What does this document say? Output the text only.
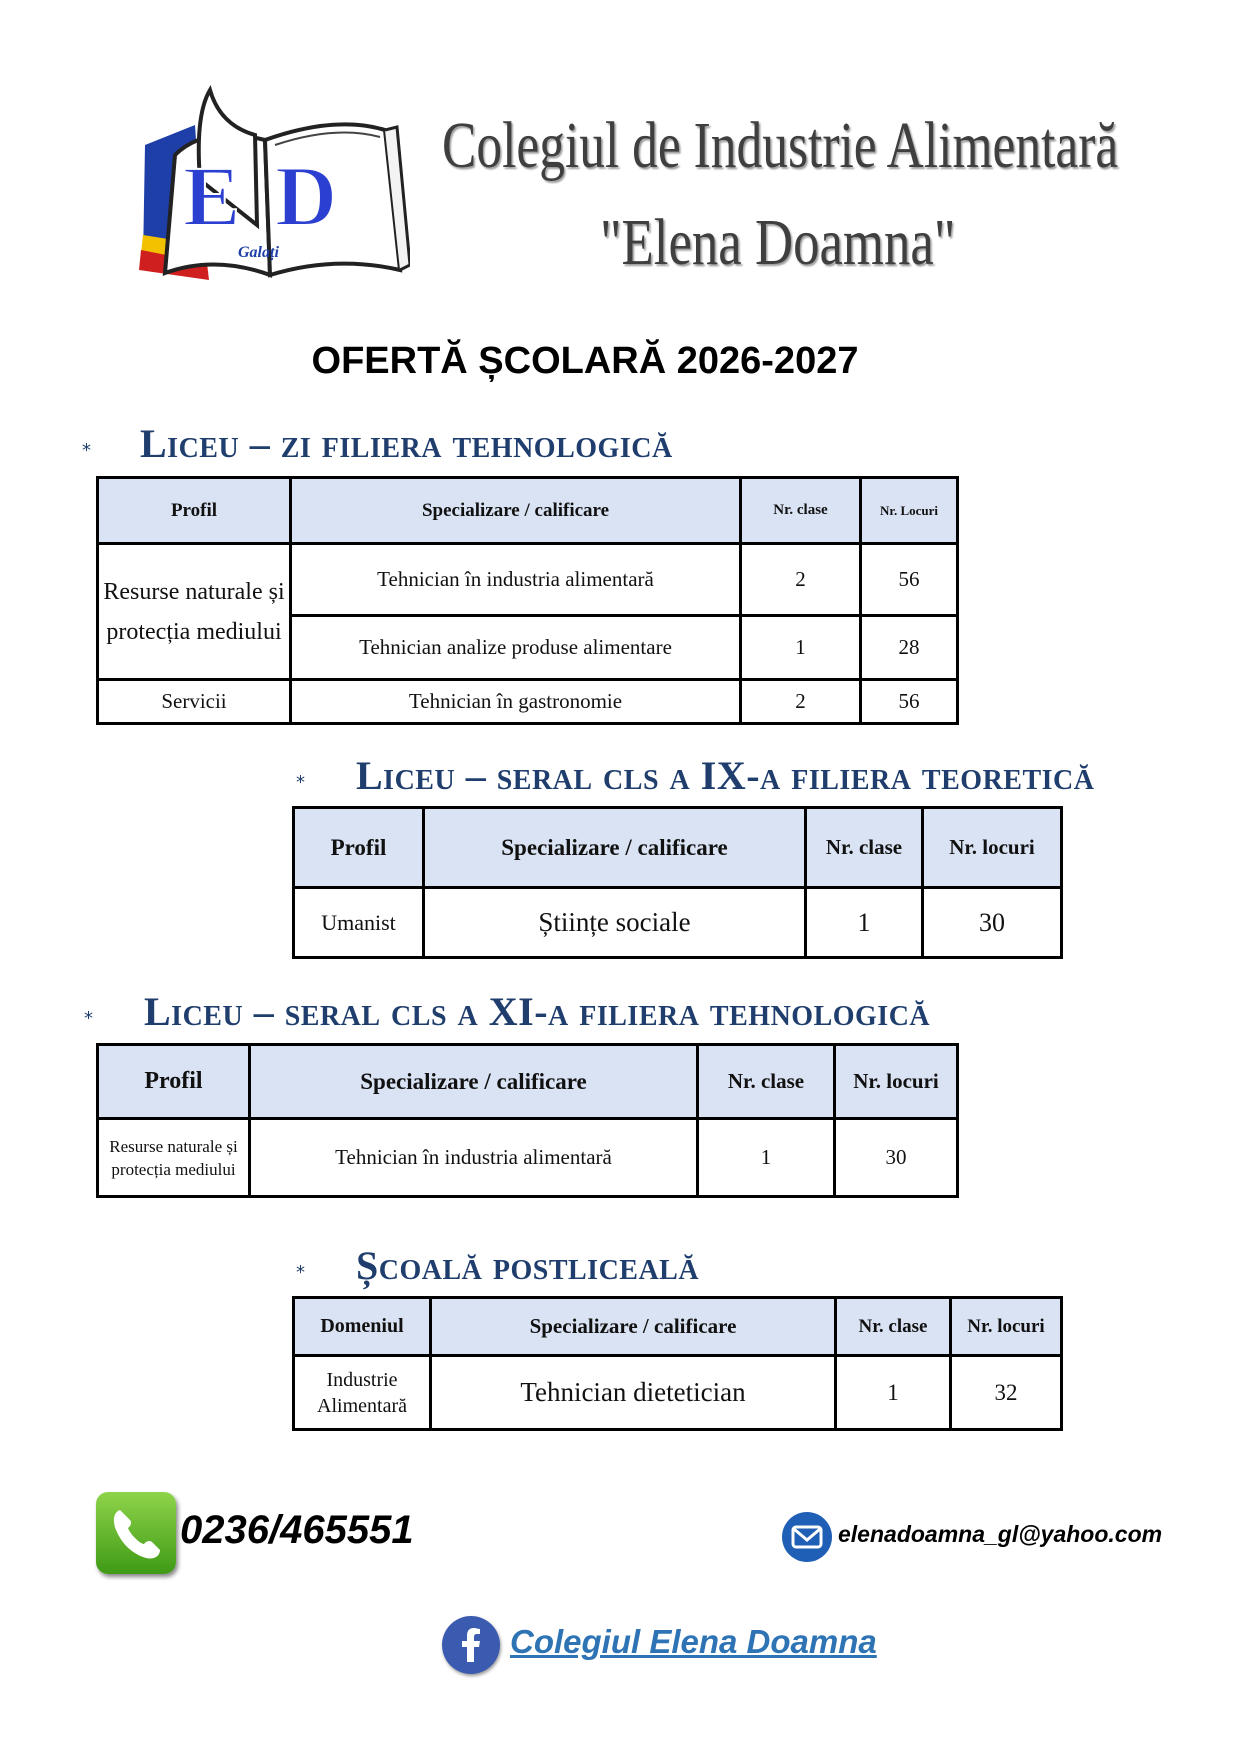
E D
Galați
Colegiul de Industrie Alimentară
"Elena Doamna"
OFERTĂ ȘCOLARĂ 2026-2027
* Liceu – zi filiera tehnologică
Profil	Specializare / calificare	Nr. clase	Nr. Locuri
Resurse naturale și protecția mediului	Tehnician în industria alimentară	2	56
	Tehnician analize produse alimentare	1	28
Servicii	Tehnician în gastronomie	2	56
* Liceu – seral cls a IX-a filiera teoretică
Profil	Specializare / calificare	Nr. clase	Nr. locuri
Umanist	Științe sociale	1	30
* Liceu – seral cls a XI-a filiera tehnologică
Profil	Specializare / calificare	Nr. clase	Nr. locuri
Resurse naturale și protecția mediului	Tehnician în industria alimentară	1	30
* Școală postliceală
Domeniul	Specializare / calificare	Nr. clase	Nr. locuri
Industrie Alimentară	Tehnician dietetician	1	32
0236/465551	elenadoamna_gl@yahoo.com
Colegiul Elena Doamna
